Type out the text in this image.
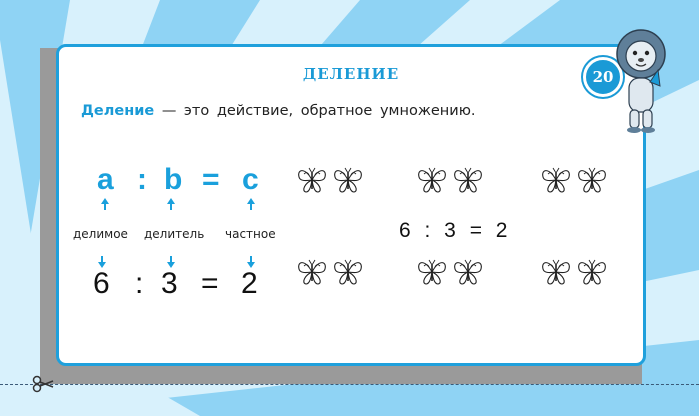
ДЕЛЕНИЕ
Деление — это действие, обратное умножению.
a : b = c
делимое делитель частное
6 : 3 = 2
6 : 3 = 2
20
